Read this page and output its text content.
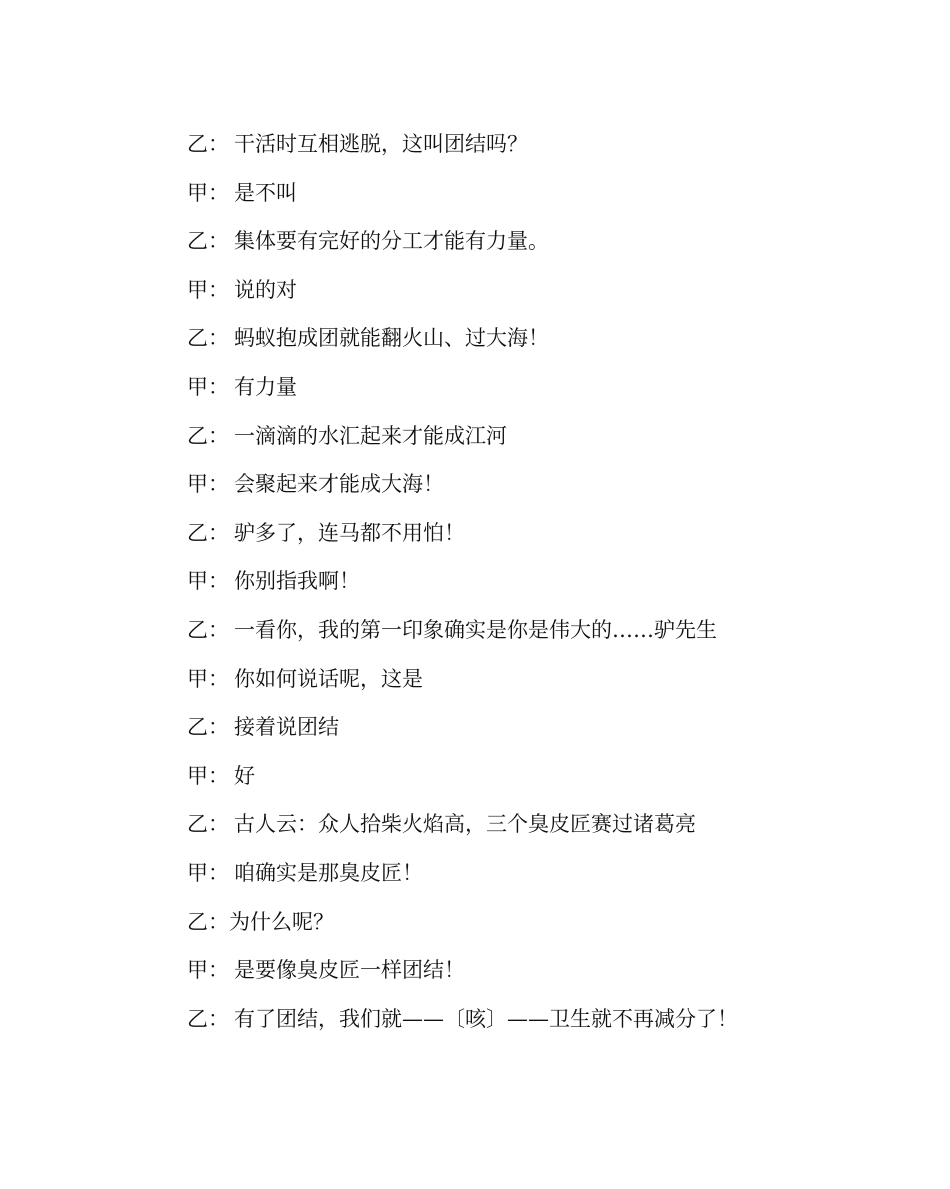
乙： 干活时互相逃脱，这叫团结吗？
甲： 是不叫
乙： 集体要有完好的分工才能有力量。
甲： 说的对
乙： 蚂蚁抱成团就能翻火山、过大海！
甲： 有力量
乙： 一滴滴的水汇起来才能成江河
甲： 会聚起来才能成大海！
乙： 驴多了，连马都不用怕！
甲： 你别指我啊！
乙： 一看你，我的第一印象确实是你是伟大的……驴先生
甲： 你如何说话呢，这是
乙： 接着说团结
甲： 好
乙： 古人云：众人拾柴火焰高，三个臭皮匠赛过诸葛亮
甲： 咱确实是那臭皮匠！
乙： 为什么呢？
甲： 是要像臭皮匠一样团结！
乙： 有了团结，我们就——〔咳〕——卫生就不再减分了！
